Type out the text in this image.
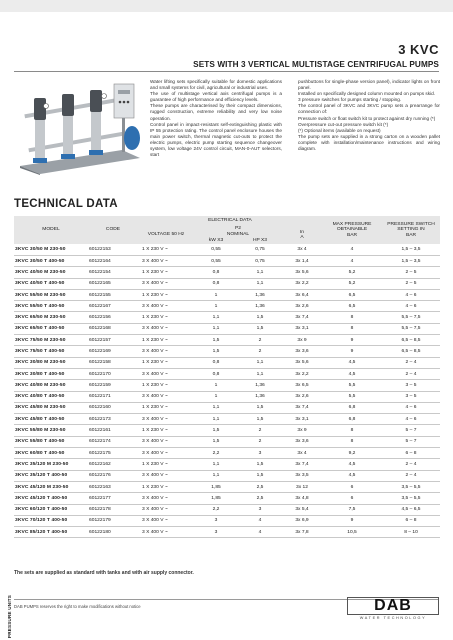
3 KVC
SETS WITH 3 VERTICAL MULTISTAGE CENTRIFUGAL PUMPS

Water lifting sets specifically suitable for domestic applications and small systems for civil, agricultural or industrial uses.

The use of multistage vertical axis centrifugal pumps is a guarantee of high performance and efficiency levels.

These pumps are characterised by their compact dimensions, rugged construction, extreme reliability and very low noise operation.

Control panel in impact-resistant self-extinguishing plastic with IP 55 protection rating. The control panel enclosure houses the main power switch, thermal magnetic cut-outs to protect the electric pumps, electric pump starting sequence changeover system, low voltage 24V control circuit, MAN-0-AUT selectors, start

pushbuttons for single-phase version panel), indicator lights on front panel.

Installed on specifically designed column mounted on pumps skid.

3 pressure switches for pumps starting / stopping.

The control panel of 3KVC and 3KVC pump sets a prearrange for connection of:

Pressure switch or float switch kit to protect against dry running (*)

Overpressure cut-out pressure switch kit (*)

(*) Optional items (available on request)

The pump sets are supplied in a strong carton on a wooden pallet complete with installation/maintenance instructions and wiring diagram.

TECHNICAL DATA
MODEL	CODE	ELECTRICAL DATA				MAX PRESSURE OBTAINABLE
BAR	PRESSURE SWITCH SETTING IN
BAR
		VOLTAGE 50 Hz	P2
NOMINAL		In
A		
			kW X3	HP X3			
3KVC 30/50 M 230-50	60122153	1 X 230 V ~	0,55	0,75	3x 4	4	1,5 – 3,5
3KVC 30/50 T 400-50	60122164	3 X 400 V ~	0,55	0,75	3x 1,4	4	1,5 – 3,5
3KVC 40/50 M 230-50	60122154	1 X 230 V ~	0,8	1,1	3x 5,6	5,2	2 – 5
3KVC 40/50 T 400-50	60122165	3 X 400 V ~	0,8	1,1	3x 2,2	5,2	2 – 5
3KVC 55/50 M 230-50	60122155	1 X 230 V ~	1	1,36	3x 6,4	6,5	4 – 6
3KVC 55/50 T 400-50	60122167	3 X 400 V ~	1	1,36	3x 2,6	6,5	4 – 6
3KVC 65/50 M 230-50	60122156	1 X 230 V ~	1,1	1,5	3x 7,4	8	5,5 – 7,5
3KVC 65/50 T 400-50	60122168	3 X 400 V ~	1,1	1,5	3x 3,1	8	5,5 – 7,5
3KVC 75/50 M 230-50	60122157	1 X 230 V ~	1,5	2	3x 9	9	6,5 – 8,5
3KVC 75/50 T 400-50	60122169	3 X 400 V ~	1,5	2	3x 3,6	9	6,5 – 8,5
3KVC 30/80 M 230-50	60122158	1 X 230 V ~	0,8	1,1	3x 5,6	4,5	2 – 4
3KVC 30/80 T 400-50	60122170	3 X 400 V ~	0,8	1,1	3x 2,2	4,5	2 – 4
3KVC 40/80 M 230-50	60122159	1 X 230 V ~	1	1,36	3x 6,5	5,5	3 – 5
3KVC 40/80 T 400-50	60122171	3 X 400 V ~	1	1,36	3x 2,6	5,5	3 – 5
3KVC 45/80 M 230-50	60122160	1 X 230 V ~	1,1	1,5	3x 7,4	6,8	4 – 6
3KVC 45/80 T 400-50	60122173	3 X 400 V ~	1,1	1,5	3x 3,1	6,8	4 – 6
3KVC 55/80 M 230-50	60122161	1 X 230 V ~	1,5	2	3x 9	8	5 – 7
3KVC 55/80 T 400-50	60122174	3 X 400 V ~	1,5	2	3x 3,6	8	5 – 7
3KVC 60/80 T 400-50	60122175	3 X 400 V ~	2,2	3	3x 4	9,2	6 – 8
3KVC 35/120 M 230-50	60122162	1 X 230 V ~	1,1	1,5	3x 7,4	4,5	2 – 4
3KVC 35/120 T 400-50	60122176	3 X 400 V ~	1,1	1,5	3x 3,5	4,5	2 – 4
3KVC 45/120 M 230-50	60122163	1 X 230 V ~	1,85	2,5	3x 12	6	3,5 – 5,5
3KVC 45/120 T 400-50	60122177	3 X 400 V ~	1,85	2,5	3x 4,8	6	3,5 – 5,5
3KVC 60/120 T 400-50	60122178	3 X 400 V ~	2,2	3	3x 5,4	7,5	4,5 – 6,5
3KVC 70/120 T 400-50	60122179	3 X 400 V ~	3	4	3x 6,9	9	6 – 8
3KVC 85/120 T 400-50	60122180	3 X 400 V ~	3	4	3x 7,8	10,5	8 – 10
The sets are supplied as standard with tanks and with air supply connector.
DAB PUMPS reserves the right to make modifications without notice
PRESSURE UNITS	DAB
WATER TECHNOLOGY
